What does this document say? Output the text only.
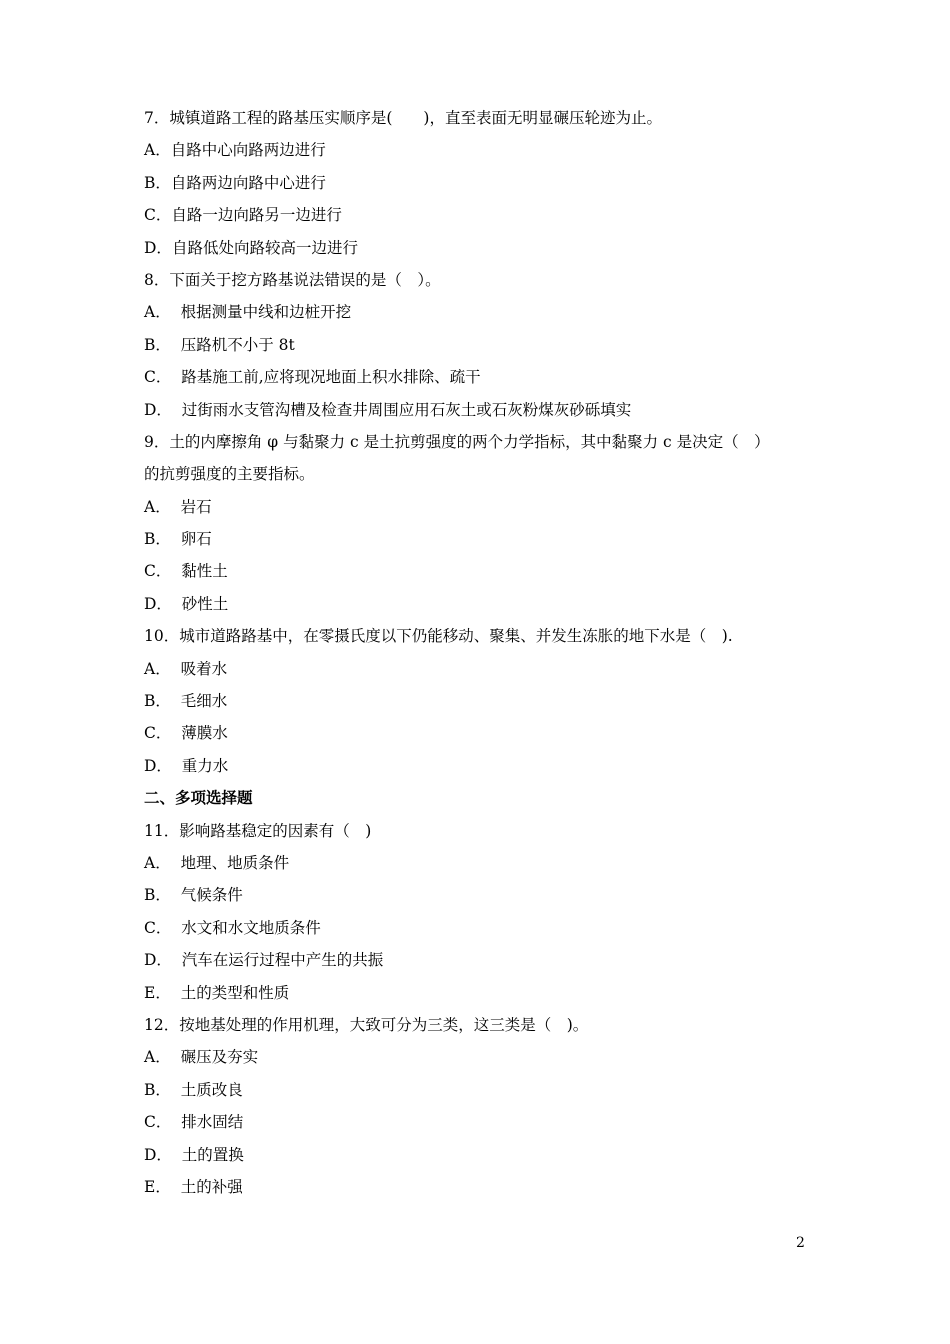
7．城镇道路工程的路基压实顺序是(　　)，直至表面无明显碾压轮迹为止。
A．自路中心向路两边进行
B．自路两边向路中心进行
C．自路一边向路另一边进行
D．自路低处向路较高一边进行
8．下面关于挖方路基说法错误的是（　）。
A． 根据测量中线和边桩开挖
B． 压路机不小于 8t
C． 路基施工前,应将现况地面上积水排除、疏干
D． 过街雨水支管沟槽及检查井周围应用石灰土或石灰粉煤灰砂砾填实
9．土的内摩擦角 φ 与黏聚力 c 是土抗剪强度的两个力学指标，其中黏聚力 c 是决定（　）
的抗剪强度的主要指标。
A． 岩石
B． 卵石
C． 黏性土
D． 砂性土
10．城市道路路基中，在零摄氏度以下仍能移动、聚集、并发生冻胀的地下水是（　).
A． 吸着水
B． 毛细水
C． 薄膜水
D． 重力水
二、多项选择题
11．影响路基稳定的因素有（　)
A． 地理、地质条件
B． 气候条件
C． 水文和水文地质条件
D． 汽车在运行过程中产生的共振
E． 土的类型和性质
12．按地基处理的作用机理，大致可分为三类，这三类是（　)。
A． 碾压及夯实
B． 土质改良
C． 排水固结
D． 土的置换
E． 土的补强
2
